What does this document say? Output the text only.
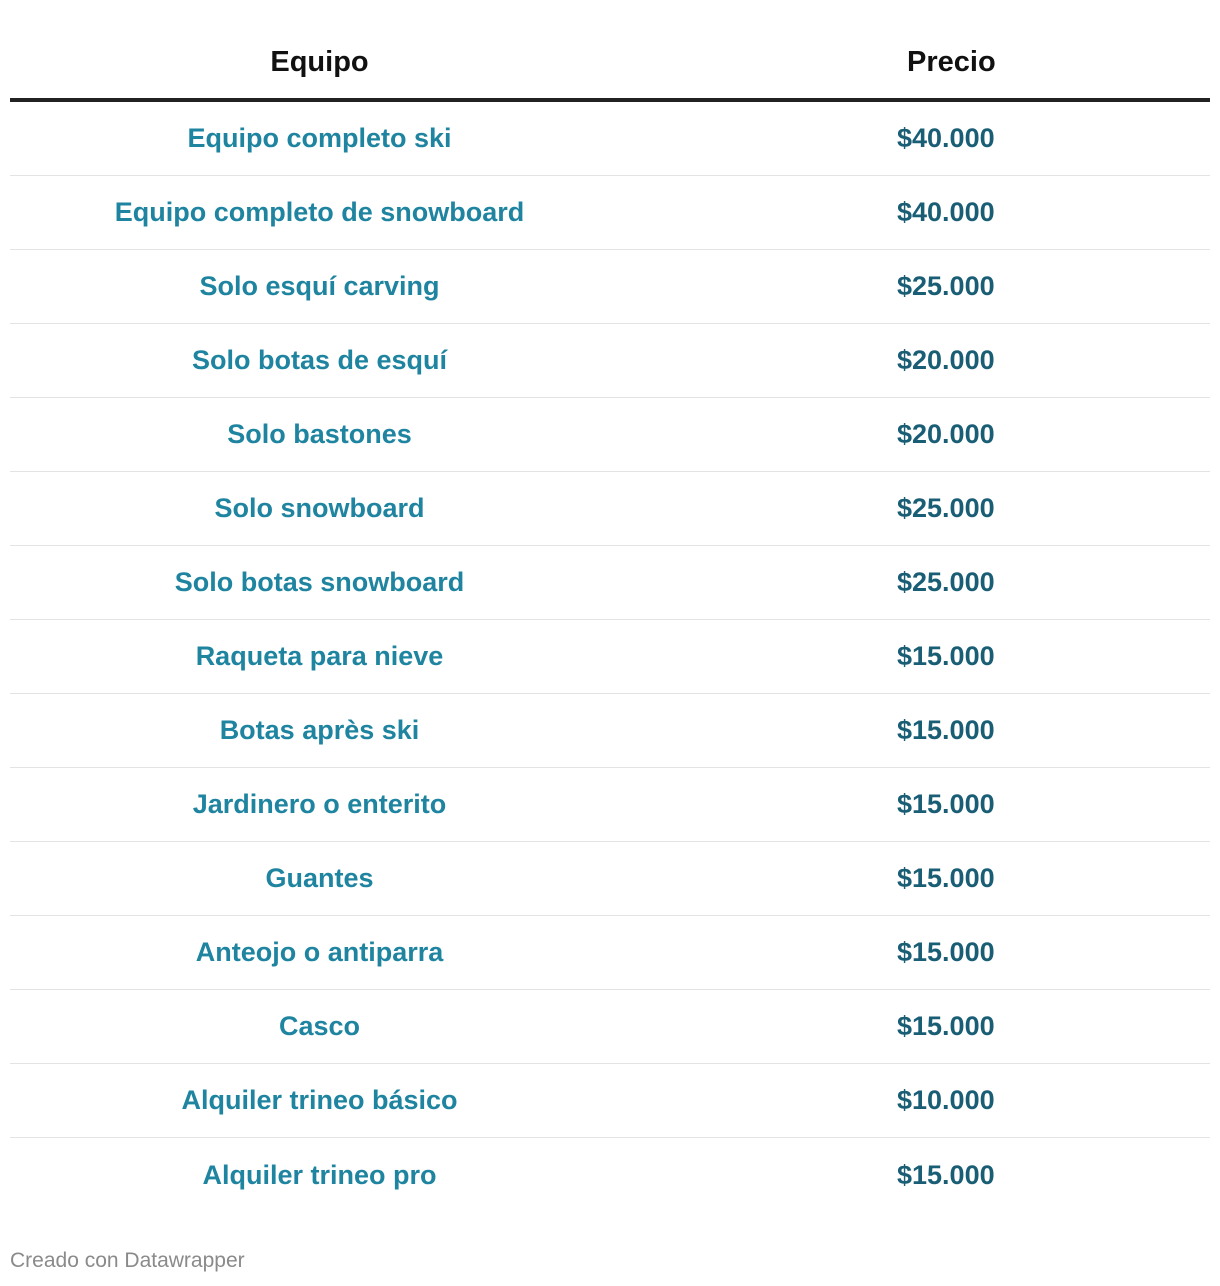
Equipo	Precio
Equipo completo ski	$40.000
Equipo completo de snowboard	$40.000
Solo esquí carving	$25.000
Solo botas de esquí	$20.000
Solo bastones	$20.000
Solo snowboard	$25.000
Solo botas snowboard	$25.000
Raqueta para nieve	$15.000
Botas après ski	$15.000
Jardinero o enterito	$15.000
Guantes	$15.000
Anteojo o antiparra	$15.000
Casco	$15.000
Alquiler trineo básico	$10.000
Alquiler trineo pro	$15.000
Creado con Datawrapper
